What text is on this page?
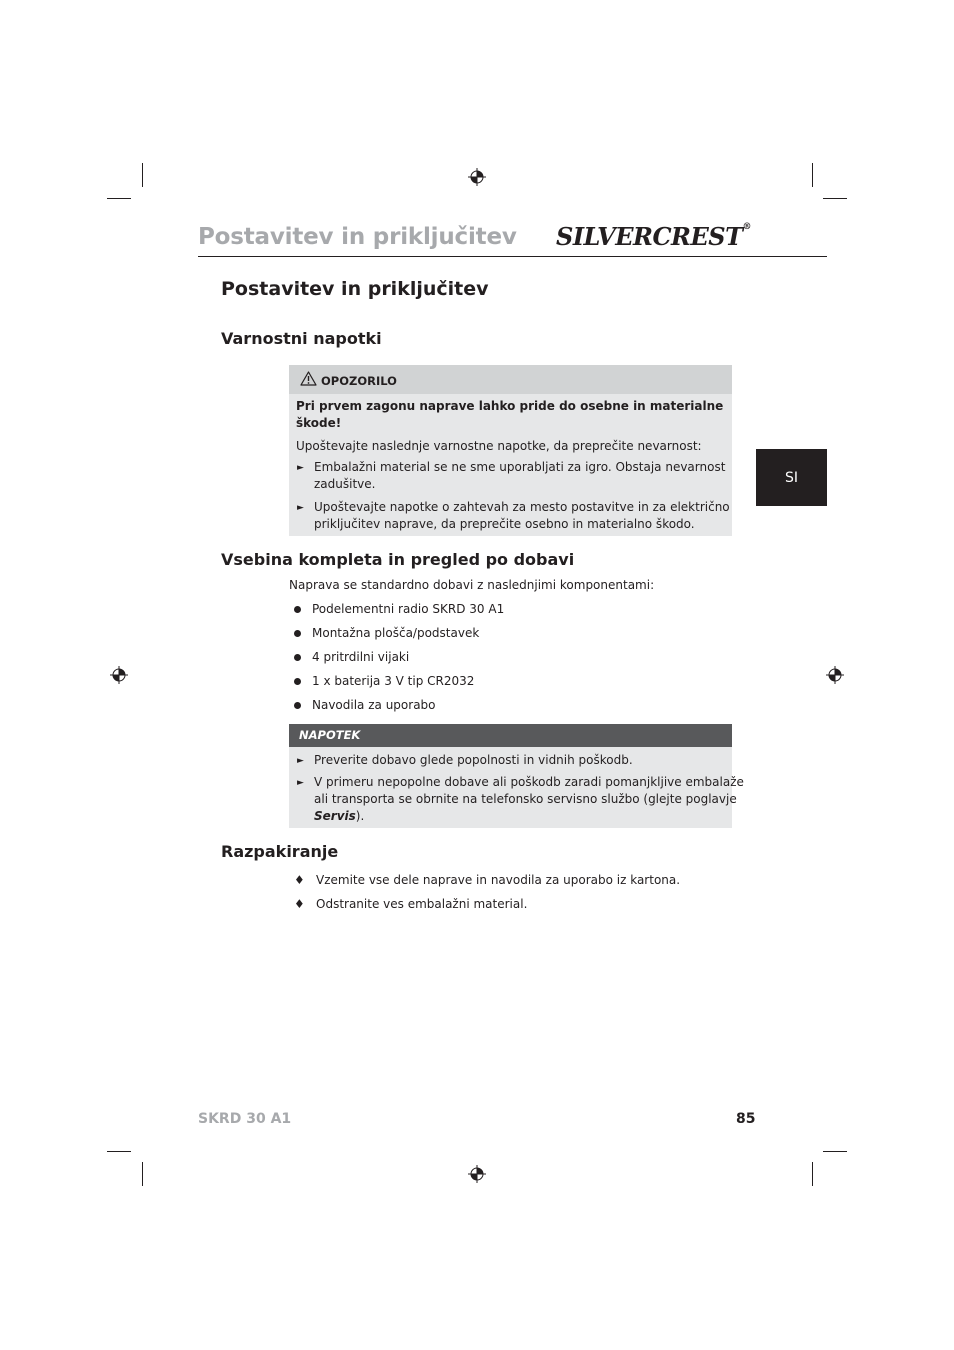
Postavitev in priključitev SILVERCREST®
SI
Postavitev in priključitev
Varnostni napotki
OPOZORILO
Pri prvem zagonu naprave lahko pride do osebne in materialne
škode!
Upoštevajte naslednje varnostne napotke, da preprečite nevarnost:
► Embalažni material se ne sme uporabljati za igro. Obstaja nevarnost
zadušitve.
► Upoštevajte napotke o zahtevah za mesto postavitve in za električno
priključitev naprave, da preprečite osebno in materialno škodo.
Vsebina kompleta in pregled po dobavi
Naprava se standardno dobavi z naslednjimi komponentami:
Podelementni radio SKRD 30 A1
Montažna plošča/podstavek
4 pritrdilni vijaki
1 x baterija 3 V tip CR2032
Navodila za uporabo
NAPOTEK
► Preverite dobavo glede popolnosti in vidnih poškodb.
► V primeru nepopolne dobave ali poškodb zaradi pomanjkljive embalaže
ali transporta se obrnite na telefonsko servisno službo (glejte poglavje
Servis).
Razpakiranje
♦ Vzemite vse dele naprave in navodila za uporabo iz kartona.
♦ Odstranite ves embalažni material.
SKRD 30 A1	85
